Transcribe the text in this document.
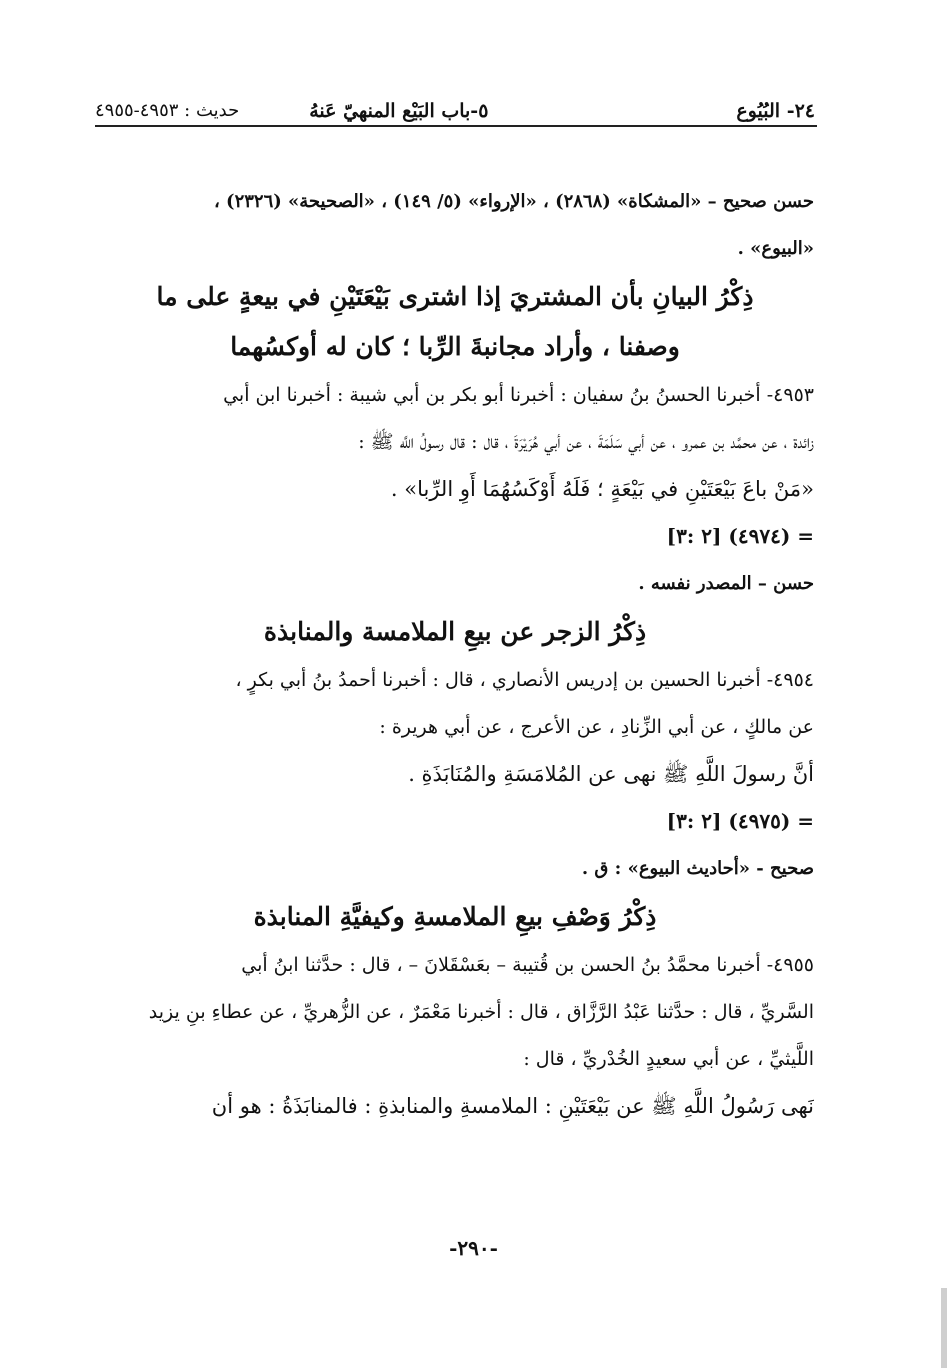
٢٤- البُيُوع
٥-باب البَيْع المنهيّ عَنهُ
حديث : ٤٩٥٣-٤٩٥٥
حسن صحيح – «المشكاة» (٢٨٦٨) ، «الإرواء» (٥/ ١٤٩) ، «الصحيحة» (٢٣٢٦) ،
«البيوع» .
ذِكْرُ البيانِ بأن المشتريَ إذا اشترى بَيْعَتَيْنِ في بيعةٍ على ما
وصفنا ، وأراد مجانبةَ الرِّبا ؛ كان له أوكسُهما
٤٩٥٣- أخبرنا الحسنُ بنُ سفيان : أخبرنا أبو بكر بن أبي شيبة : أخبرنا ابن أبي
زائدة ، عن محمَّد بن عمرو ، عن أبي سَلَمَةَ ، عن أبي هُرَيْرَةَ ، قال : قال رسولُ اللَّه ﷺ :
«مَنْ باعَ بَيْعَتَيْنِ في بَيْعَةٍ ؛ فَلَهُ أَوْكَسُهُمَا أَوِ الرِّبا» .
= (٤٩٧٤) [٢ :٣]
حسن – المصدر نفسه .
ذِكْرُ الزجر عن بيعِ الملامسة والمنابذة
٤٩٥٤- أخبرنا الحسين بن إدريس الأنصاري ، قال : أخبرنا أحمدُ بنُ أبي بكرٍ ،
عن مالكٍ ، عن أبي الزِّنادِ ، عن الأعرج ، عن أبي هريرة :
أنَّ رسولَ اللَّهِ ﷺ نهى عن المُلامَسَةِ والمُنَابَذَةِ .
= (٤٩٧٥) [٢ :٣]
صحيح - «أحاديث البيوع» : ق .
ذِكْرُ وَصْفِ بيعِ الملامسةِ وكيفيَّةِ المنابذة
٤٩٥٥- أخبرنا محمَّدُ بنُ الحسن بن قُتيبة – بعَسْقَلانَ – ، قال : حدَّثنا ابنُ أبي
السَّريِّ ، قال : حدَّثنا عَبْدُ الرَّزَّاق ، قال : أخبرنا مَعْمَرٌ ، عن الزُّهريِّ ، عن عطاءِ بنِ يزيد
اللَّيثيِّ ، عن أبي سعيدٍ الخُدْريِّ ، قال :
نَهى رَسُولُ اللَّهِ ﷺ عن بَيْعَتَيْنِ : الملامسةِ والمنابذةِ : فالمنابَذَةُ : هو أن
-٢٩٠-
